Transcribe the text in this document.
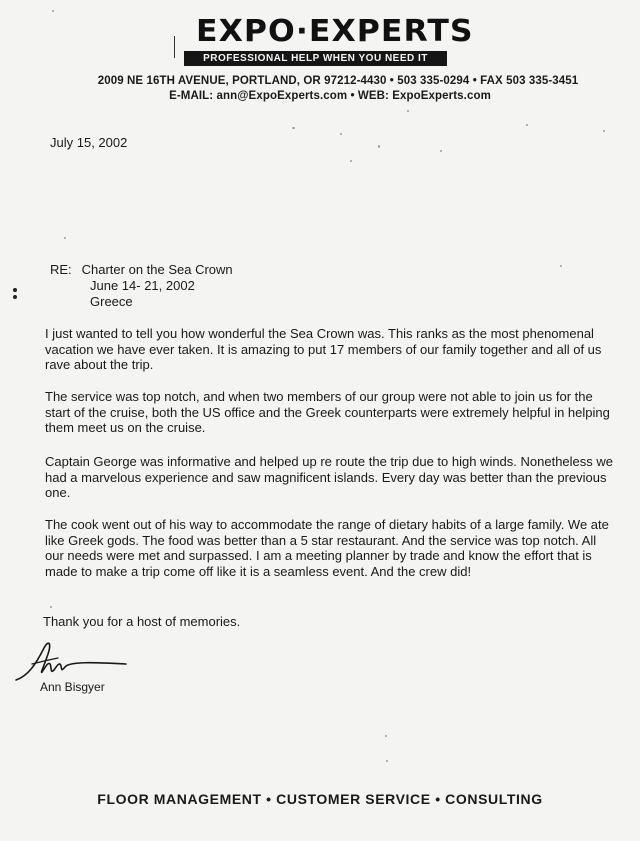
EXPO·EXPERTS
PROFESSIONAL HELP WHEN YOU NEED IT
2009 NE 16TH AVENUE, PORTLAND, OR 97212-4430 • 503 335-0294 • FAX 503 335-3451
E-MAIL: ann@ExpoExperts.com • WEB: ExpoExperts.com
July 15, 2002
RE: Charter on the Sea Crown
June 14- 21, 2002
Greece
I just wanted to tell you how wonderful the Sea Crown was. This ranks as the most phenomenal vacation we have ever taken. It is amazing to put 17 members of our family together and all of us rave about the trip.
The service was top notch, and when two members of our group were not able to join us for the start of the cruise, both the US office and the Greek counterparts were extremely helpful in helping them meet us on the cruise.
Captain George was informative and helped up re route the trip due to high winds. Nonetheless we had a marvelous experience and saw magnificent islands. Every day was better than the previous one.
The cook went out of his way to accommodate the range of dietary habits of a large family. We ate like Greek gods. The food was better than a 5 star restaurant. And the service was top notch. All our needs were met and surpassed. I am a meeting planner by trade and know the effort that is made to make a trip come off like it is a seamless event. And the crew did!
Thank you for a host of memories.
Ann Bisgyer
FLOOR MANAGEMENT • CUSTOMER SERVICE • CONSULTING
